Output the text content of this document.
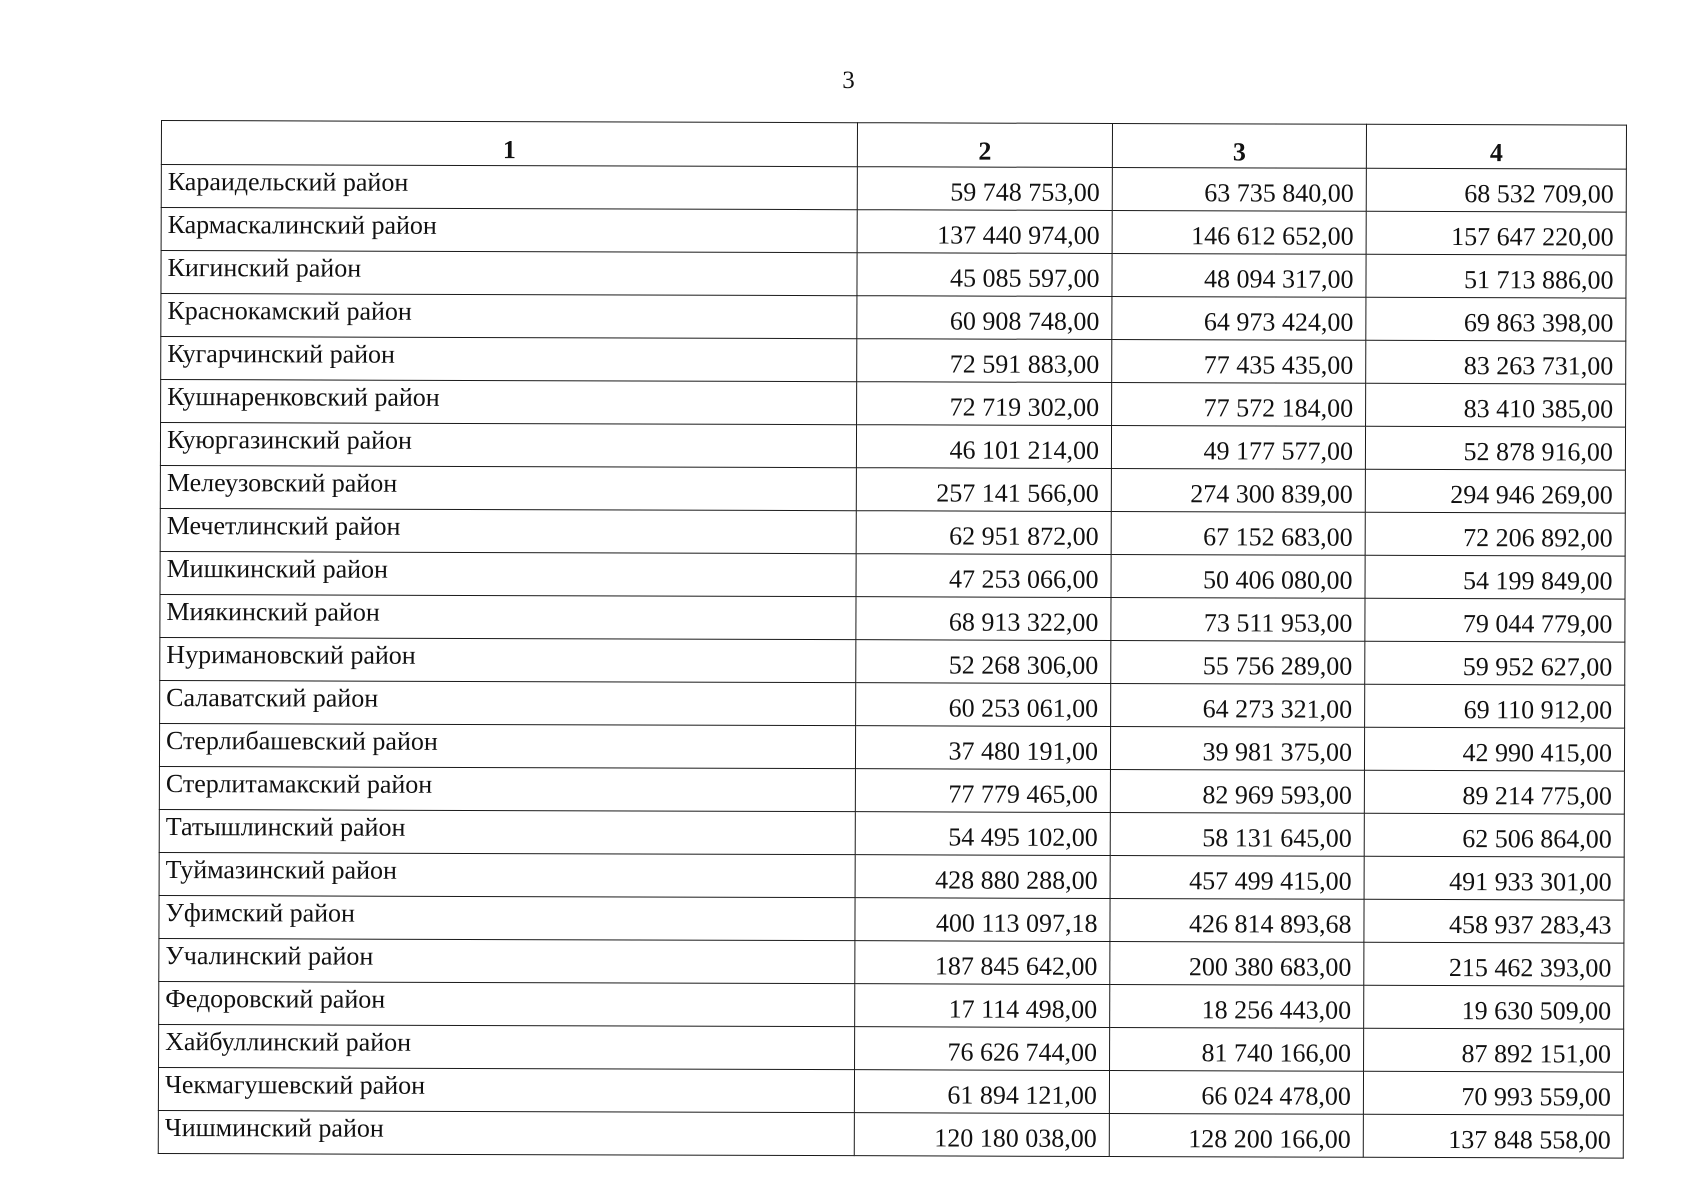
3
1	2	3	4
Караидельский район	59 748 753,00	63 735 840,00	68 532 709,00
Кармаскалинский район	137 440 974,00	146 612 652,00	157 647 220,00
Кигинский район	45 085 597,00	48 094 317,00	51 713 886,00
Краснокамский район	60 908 748,00	64 973 424,00	69 863 398,00
Кугарчинский район	72 591 883,00	77 435 435,00	83 263 731,00
Кушнаренковский район	72 719 302,00	77 572 184,00	83 410 385,00
Куюргазинский район	46 101 214,00	49 177 577,00	52 878 916,00
Мелеузовский район	257 141 566,00	274 300 839,00	294 946 269,00
Мечетлинский район	62 951 872,00	67 152 683,00	72 206 892,00
Мишкинский район	47 253 066,00	50 406 080,00	54 199 849,00
Миякинский район	68 913 322,00	73 511 953,00	79 044 779,00
Нуримановский район	52 268 306,00	55 756 289,00	59 952 627,00
Салаватский район	60 253 061,00	64 273 321,00	69 110 912,00
Стерлибашевский район	37 480 191,00	39 981 375,00	42 990 415,00
Стерлитамакский район	77 779 465,00	82 969 593,00	89 214 775,00
Татышлинский район	54 495 102,00	58 131 645,00	62 506 864,00
Туймазинский район	428 880 288,00	457 499 415,00	491 933 301,00
Уфимский район	400 113 097,18	426 814 893,68	458 937 283,43
Учалинский район	187 845 642,00	200 380 683,00	215 462 393,00
Федоровский район	17 114 498,00	18 256 443,00	19 630 509,00
Хайбуллинский район	76 626 744,00	81 740 166,00	87 892 151,00
Чекмагушевский район	61 894 121,00	66 024 478,00	70 993 559,00
Чишминский район	120 180 038,00	128 200 166,00	137 848 558,00
